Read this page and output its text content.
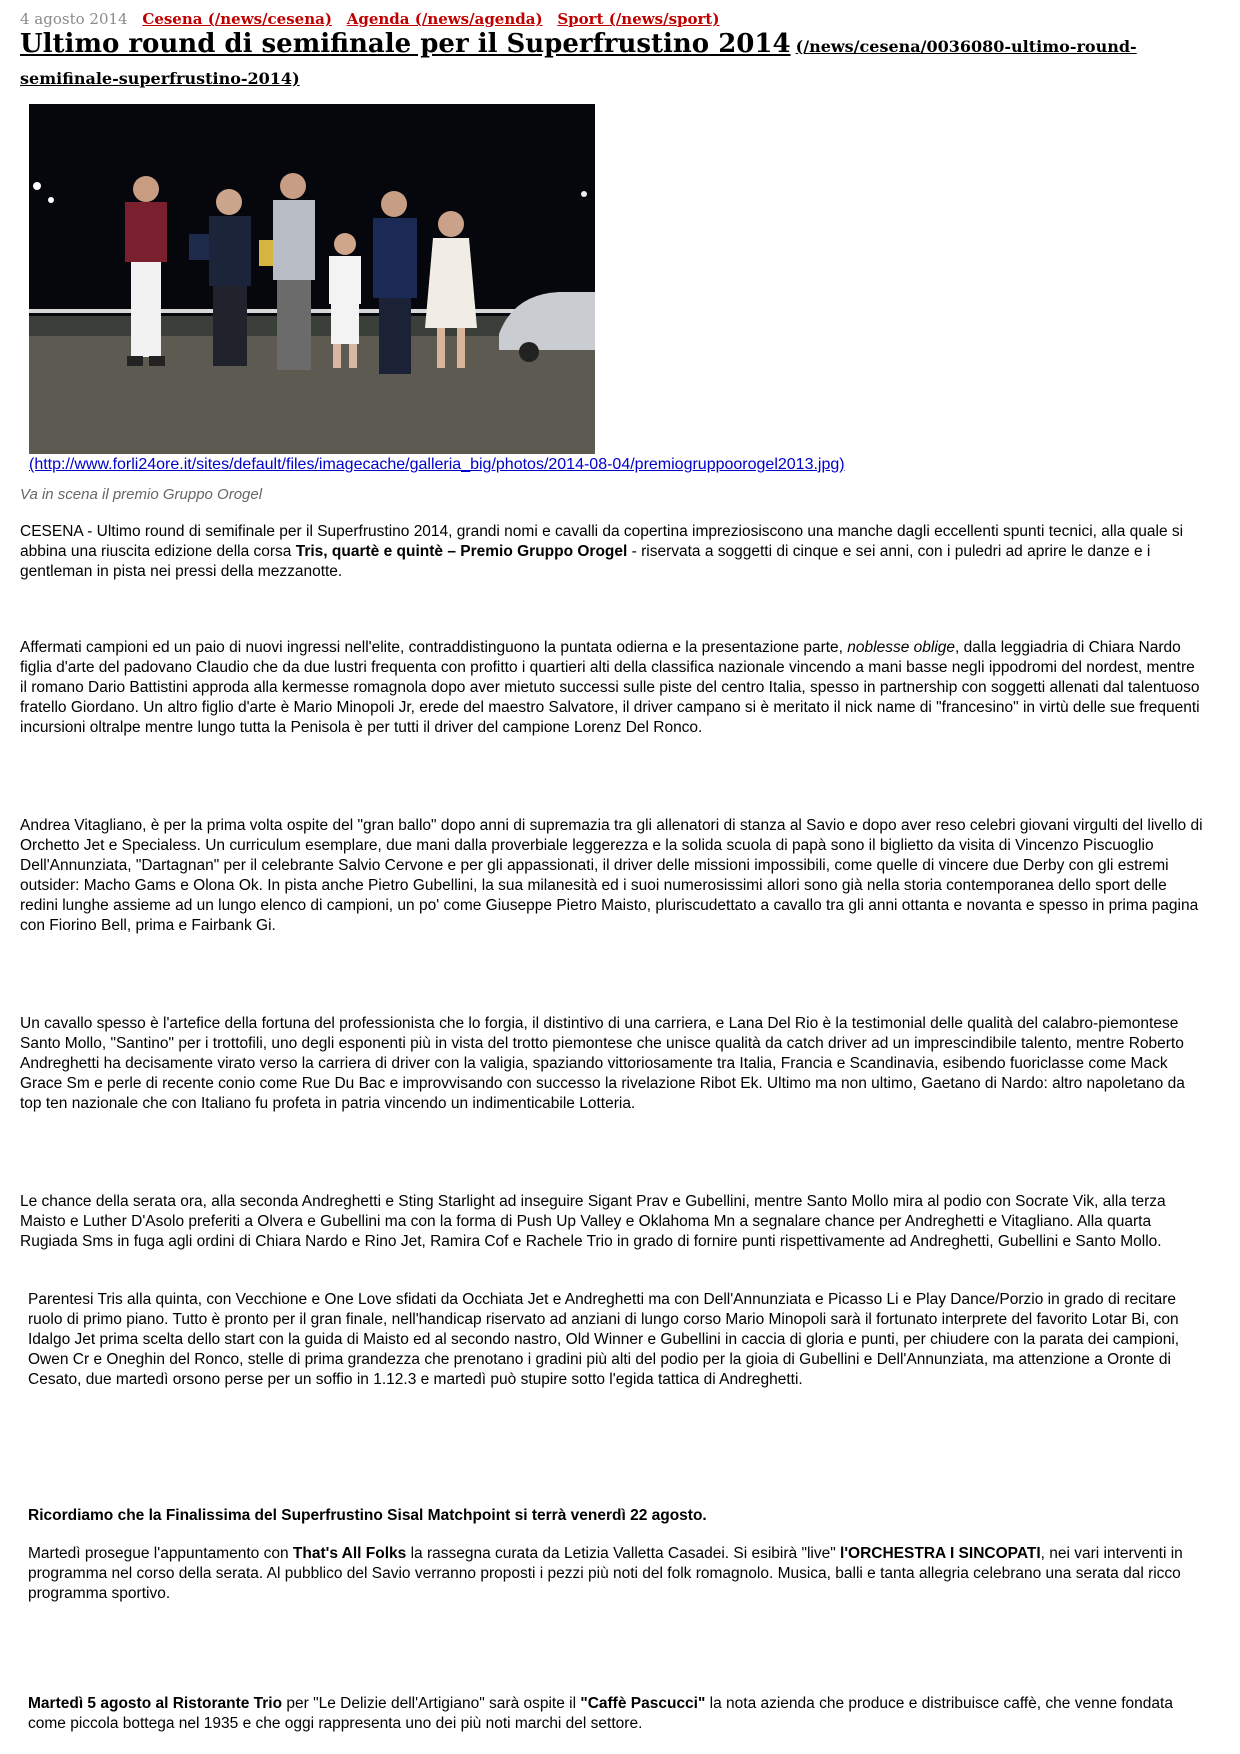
4 agosto 2014 Cesena (/news/cesena) Agenda (/news/agenda) Sport (/news/sport)
Ultimo round di semifinale per il Superfrustino 2014 (/news/cesena/0036080-ultimo-round-semifinale-superfrustino-2014)
(http://www.forli24ore.it/sites/default/files/imagecache/galleria_big/photos/2014-08-04/premiogruppoorogel2013.jpg)
Va in scena il premio Gruppo Orogel

CESENA - Ultimo round di semifinale per il Superfrustino 2014, grandi nomi e cavalli da copertina impreziosiscono una manche dagli eccellenti spunti tecnici, alla quale si abbina una riuscita edizione della corsa Tris, quartè e quintè – Premio Gruppo Orogel - riservata a soggetti di cinque e sei anni, con i puledri ad aprire le danze e i gentleman in pista nei pressi della mezzanotte.

Affermati campioni ed un paio di nuovi ingressi nell'elite, contraddistinguono la puntata odierna e la presentazione parte, noblesse oblige, dalla leggiadria di Chiara Nardo figlia d'arte del padovano Claudio che da due lustri frequenta con profitto i quartieri alti della classifica nazionale vincendo a mani basse negli ippodromi del nordest, mentre il romano Dario Battistini approda alla kermesse romagnola dopo aver mietuto successi sulle piste del centro Italia, spesso in partnership con soggetti allenati dal talentuoso fratello Giordano. Un altro figlio d'arte è Mario Minopoli Jr, erede del maestro Salvatore, il driver campano si è meritato il nick name di "francesino" in virtù delle sue frequenti incursioni oltralpe mentre lungo tutta la Penisola è per tutti il driver del campione Lorenz Del Ronco.

Andrea Vitagliano, è per la prima volta ospite del "gran ballo" dopo anni di supremazia tra gli allenatori di stanza al Savio e dopo aver reso celebri giovani virgulti del livello di Orchetto Jet e Specialess. Un curriculum esemplare, due mani dalla proverbiale leggerezza e la solida scuola di papà sono il biglietto da visita di Vincenzo Piscuoglio Dell'Annunziata, "Dartagnan" per il celebrante Salvio Cervone e per gli appassionati, il driver delle missioni impossibili, come quelle di vincere due Derby con gli estremi outsider: Macho Gams e Olona Ok. In pista anche Pietro Gubellini, la sua milanesità ed i suoi numerosissimi allori sono già nella storia contemporanea dello sport delle redini lunghe assieme ad un lungo elenco di campioni, un po' come Giuseppe Pietro Maisto, pluriscudettato a cavallo tra gli anni ottanta e novanta e spesso in prima pagina con Fiorino Bell, prima e Fairbank Gi.

Un cavallo spesso è l'artefice della fortuna del professionista che lo forgia, il distintivo di una carriera, e Lana Del Rio è la testimonial delle qualità del calabro-piemontese Santo Mollo, "Santino" per i trottofili, uno degli esponenti più in vista del trotto piemontese che unisce qualità da catch driver ad un imprescindibile talento, mentre Roberto Andreghetti ha decisamente virato verso la carriera di driver con la valigia, spaziando vittoriosamente tra Italia, Francia e Scandinavia, esibendo fuoriclasse come Mack Grace Sm e perle di recente conio come Rue Du Bac e improvvisando con successo la rivelazione Ribot Ek. Ultimo ma non ultimo, Gaetano di Nardo: altro napoletano da top ten nazionale che con Italiano fu profeta in patria vincendo un indimenticabile Lotteria.

Le chance della serata ora, alla seconda Andreghetti e Sting Starlight ad inseguire Sigant Prav e Gubellini, mentre Santo Mollo mira al podio con Socrate Vik, alla terza Maisto e Luther D'Asolo preferiti a Olvera e Gubellini ma con la forma di Push Up Valley e Oklahoma Mn a segnalare chance per Andreghetti e Vitagliano. Alla quarta Rugiada Sms in fuga agli ordini di Chiara Nardo e Rino Jet, Ramira Cof e Rachele Trio in grado di fornire punti rispettivamente ad Andreghetti, Gubellini e Santo Mollo.

Parentesi Tris alla quinta, con Vecchione e One Love sfidati da Occhiata Jet e Andreghetti ma con Dell'Annunziata e Picasso Li e Play Dance/Porzio in grado di recitare ruolo di primo piano. Tutto è pronto per il gran finale, nell'handicap riservato ad anziani di lungo corso Mario Minopoli sarà il fortunato interprete del favorito Lotar Bi, con Idalgo Jet prima scelta dello start con la guida di Maisto ed al secondo nastro, Old Winner e Gubellini in caccia di gloria e punti, per chiudere con la parata dei campioni, Owen Cr e Oneghin del Ronco, stelle di prima grandezza che prenotano i gradini più alti del podio per la gioia di Gubellini e Dell'Annunziata, ma attenzione a Oronte di Cesato, due martedì orsono perse per un soffio in 1.12.3 e martedì può stupire sotto l'egida tattica di Andreghetti.

Ricordiamo che la Finalissima del Superfrustino Sisal Matchpoint si terrà venerdì 22 agosto.

Martedì prosegue l'appuntamento con That's All Folks la rassegna curata da Letizia Valletta Casadei. Si esibirà "live" l'ORCHESTRA I SINCOPATI, nei vari interventi in programma nel corso della serata. Al pubblico del Savio verranno proposti i pezzi più noti del folk romagnolo. Musica, balli e tanta allegria celebrano una serata dal ricco programma sportivo.

Martedì 5 agosto al Ristorante Trio per "Le Delizie dell'Artigiano" sarà ospite il "Caffè Pascucci" la nota azienda che produce e distribuisce caffè, che venne fondata come piccola bottega nel 1935 e che oggi rappresenta uno dei più noti marchi del settore.
